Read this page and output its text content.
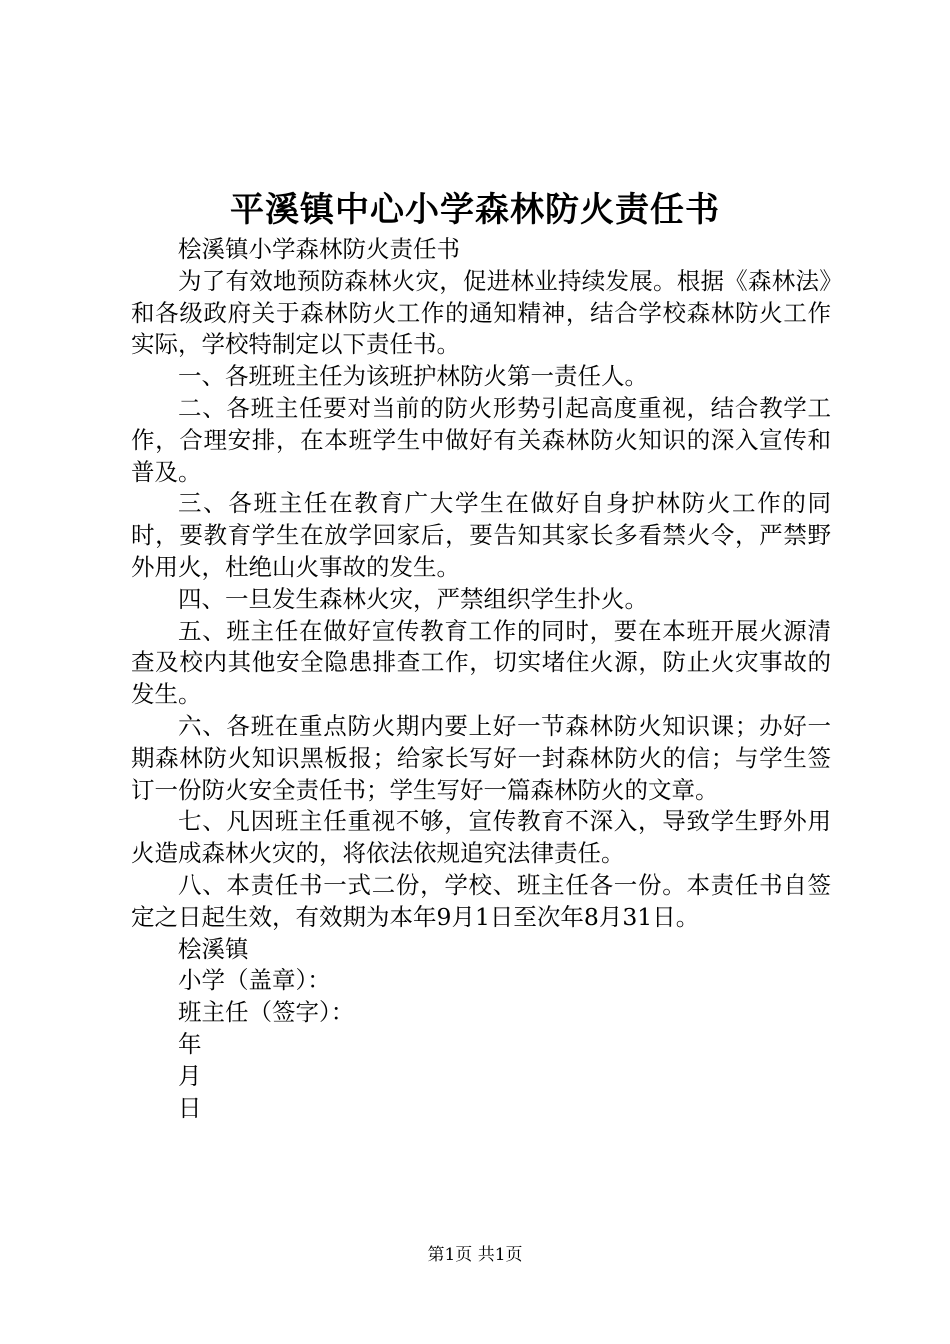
平溪镇中心小学森林防火责任书

桧溪镇小学森林防火责任书

为了有效地预防森林火灾，促进林业持续发展。根据《森林法》和各级政府关于森林防火工作的通知精神，结合学校森林防火工作实际，学校特制定以下责任书。

一、各班班主任为该班护林防火第一责任人。

二、各班主任要对当前的防火形势引起高度重视，结合教学工作，合理安排，在本班学生中做好有关森林防火知识的深入宣传和普及。

三、各班主任在教育广大学生在做好自身护林防火工作的同时，要教育学生在放学回家后，要告知其家长多看禁火令，严禁野外用火，杜绝山火事故的发生。

四、一旦发生森林火灾，严禁组织学生扑火。

五、班主任在做好宣传教育工作的同时，要在本班开展火源清查及校内其他安全隐患排查工作，切实堵住火源，防止火灾事故的发生。

六、各班在重点防火期内要上好一节森林防火知识课；办好一期森林防火知识黑板报；给家长写好一封森林防火的信；与学生签订一份防火安全责任书；学生写好一篇森林防火的文章。

七、凡因班主任重视不够，宣传教育不深入，导致学生野外用火造成森林火灾的，将依法依规追究法律责任。

八、本责任书一式二份，学校、班主任各一份。本责任书自签定之日起生效，有效期为本年9月1日至次年8月31日。

桧溪镇
小学（盖章）：
班主任（签字）：
年
月
日
第1页 共1页
